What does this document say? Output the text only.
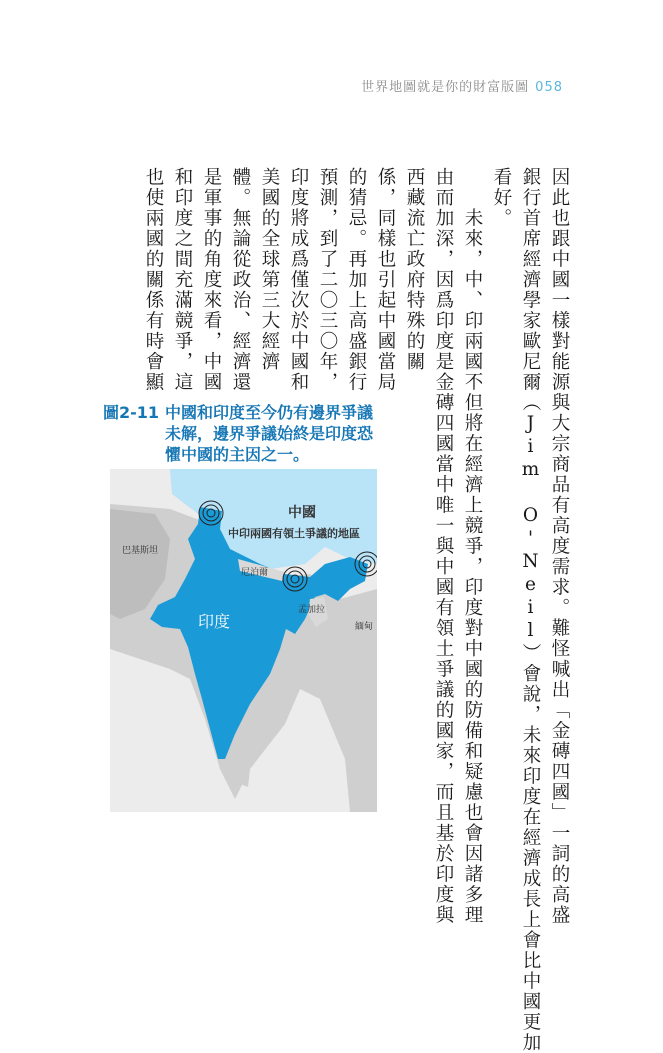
世界地圖就是你的財富版圖 058
因此也跟中國一樣對能源與大宗商品有高度需求。難怪喊出「金磚四國」一詞的高盛
銀行首席經濟學家歐尼爾（Jim O'Neil）會說，未來印度在經濟成長上會比中國更加
看好。
　　未來，中、印兩國不但將在經濟上競爭，印度對中國的防備和疑慮也會因諸多理
由而加深，因爲印度是金磚四國當中唯一與中國有領土爭議的國家，而且基於印度與
西藏流亡政府特殊的關
係，同樣也引起中國當局
的猜忌。再加上高盛銀行
預測，到了二〇三〇年，
印度將成爲僅次於中國和
美國的全球第三大經濟
體。無論從政治、經濟還
是軍事的角度來看，中國
和印度之間充滿競爭，這
也使兩國的關係有時會顯
圖2-11 中國和印度至今仍有邊界爭議
未解，邊界爭議始終是印度恐
懼中國的主因之一。
中國
中印兩國有領土爭議的地區
巴基斯坦
尼泊爾
孟加拉
緬甸
印度
